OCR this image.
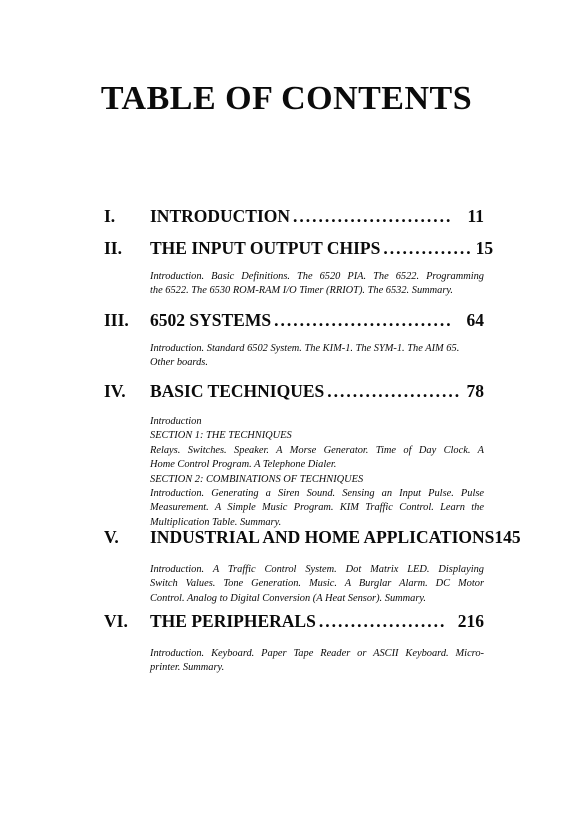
TABLE OF CONTENTS
I. INTRODUCTION ......................... 11
II. THE INPUT OUTPUT CHIPS .............. 15
Introduction. Basic Definitions. The 6520 PIA. The 6522. Programming
the 6522. The 6530 ROM-RAM I/O Timer (RRIOT). The 6532. Summary.
III. 6502 SYSTEMS ............................ 64
Introduction. Standard 6502 System. The KIM-1. The SYM-1. The AIM 65.
Other boards.
IV. BASIC TECHNIQUES ..................... 78
Introduction
SECTION 1: THE TECHNIQUES
Relays. Switches. Speaker. A Morse Generator. Time of Day Clock. A
Home Control Program. A Telephone Dialer.
SECTION 2: COMBINATIONS OF TECHNIQUES
Introduction. Generating a Siren Sound. Sensing an Input Pulse. Pulse
Measurement. A Simple Music Program. KIM Traffic Control. Learn the
Multiplication Table. Summary.
V. INDUSTRIAL AND HOME APPLICATIONS 145
Introduction. A Traffic Control System. Dot Matrix LED. Displaying
Switch Values. Tone Generation. Music. A Burglar Alarm. DC Motor
Control. Analog to Digital Conversion (A Heat Sensor). Summary.
VI. THE PERIPHERALS .................... 216
Introduction. Keyboard. Paper Tape Reader or ASCII Keyboard. Micro-
printer. Summary.
